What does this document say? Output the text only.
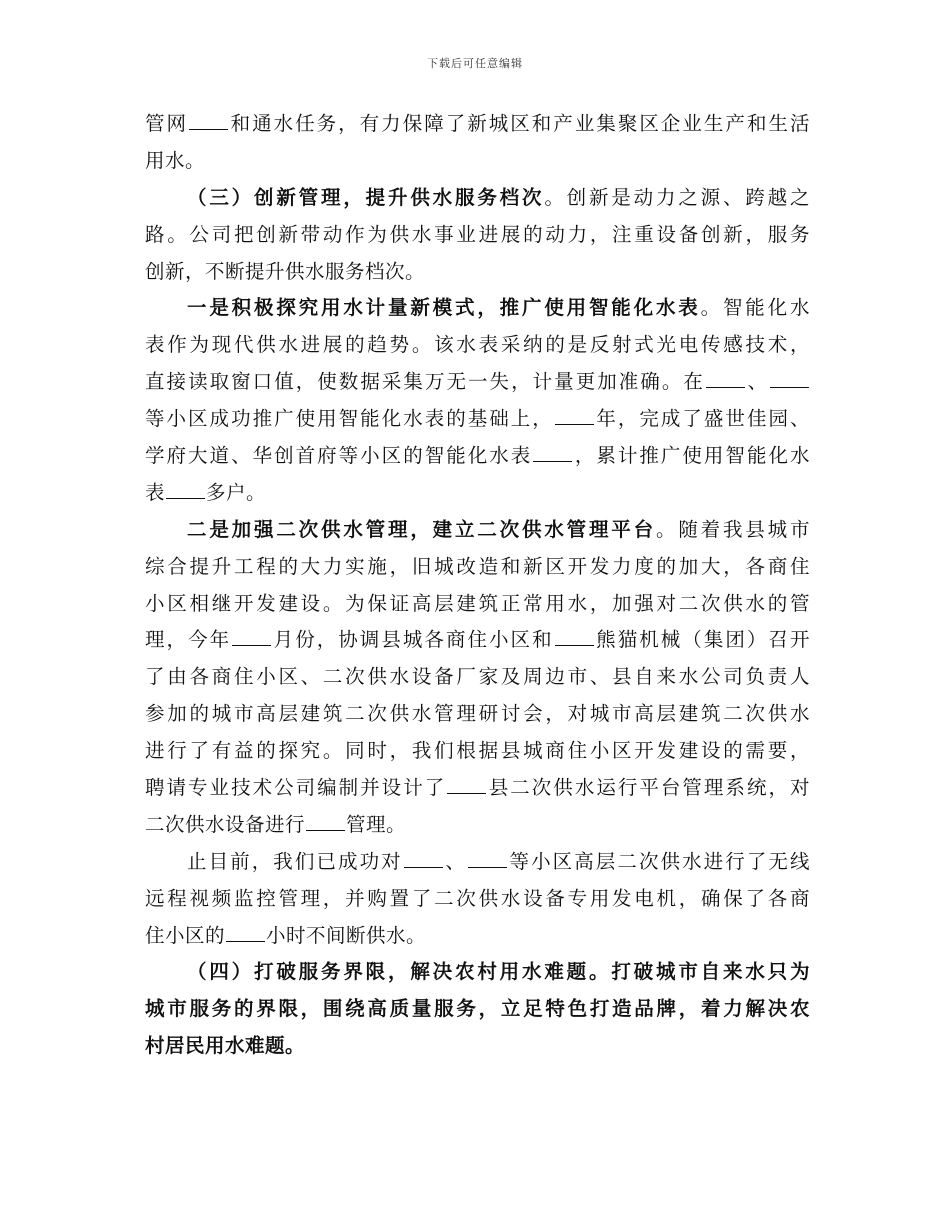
下载后可任意编辑
管网 和通水任务，有力保障了新城区和产业集聚区企业生产和生活
用水。
（三）创新管理，提升供水服务档次。创新是动力之源、跨越之
路。公司把创新带动作为供水事业进展的动力，注重设备创新，服务
创新，不断提升供水服务档次。
一是积极探究用水计量新模式，推广使用智能化水表。智能化水
表作为现代供水进展的趋势。该水表采纳的是反射式光电传感技术，
直接读取窗口值，使数据采集万无一失，计量更加准确。在 、
等小区成功推广使用智能化水表的基础上， 年，完成了盛世佳园、
学府大道、华创首府等小区的智能化水表 ，累计推广使用智能化水
表 多户。
二是加强二次供水管理，建立二次供水管理平台。随着我县城市
综合提升工程的大力实施，旧城改造和新区开发力度的加大，各商住
小区相继开发建设。为保证高层建筑正常用水，加强对二次供水的管
理，今年 月份，协调县城各商住小区和 熊猫机械（集团）召开
了由各商住小区、二次供水设备厂家及周边市、县自来水公司负责人
参加的城市高层建筑二次供水管理研讨会，对城市高层建筑二次供水
进行了有益的探究。同时，我们根据县城商住小区开发建设的需要，
聘请专业技术公司编制并设计了 县二次供水运行平台管理系统，对
二次供水设备进行 管理。
止目前，我们已成功对 、 等小区高层二次供水进行了无线
远程视频监控管理，并购置了二次供水设备专用发电机，确保了各商
住小区的 小时不间断供水。
（四）打破服务界限，解决农村用水难题。打破城市自来水只为
城市服务的界限，围绕高质量服务，立足特色打造品牌，着力解决农
村居民用水难题。
